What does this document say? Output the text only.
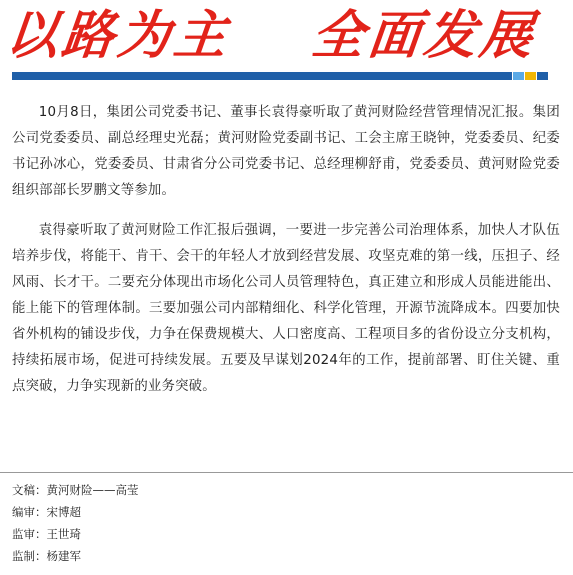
以路为主 全面发展

10月8日，集团公司党委书记、董事长袁得豪听取了黄河财险经营管理情况汇报。集团公司党委委员、副总经理史光磊；黄河财险党委副书记、工会主席王晓钟，党委委员、纪委书记孙冰心，党委委员、甘肃省分公司党委书记、总经理柳舒甫，党委委员、黄河财险党委组织部部长罗鹏文等参加。

袁得豪听取了黄河财险工作汇报后强调，一要进一步完善公司治理体系，加快人才队伍培养步伐，将能干、肯干、会干的年轻人才放到经营发展、攻坚克难的第一线，压担子、经风雨、长才干。二要充分体现出市场化公司人员管理特色，真正建立和形成人员能进能出、能上能下的管理体制。三要加强公司内部精细化、科学化管理，开源节流降成本。四要加快省外机构的铺设步伐，力争在保费规模大、人口密度高、工程项目多的省份设立分支机构，持续拓展市场，促进可持续发展。五要及早谋划2024年的工作，提前部署、盯住关键、重点突破，力争实现新的业务突破。

文稿：黄河财险——高莹
编审：宋博超
监审：王世琦
监制：杨建军
